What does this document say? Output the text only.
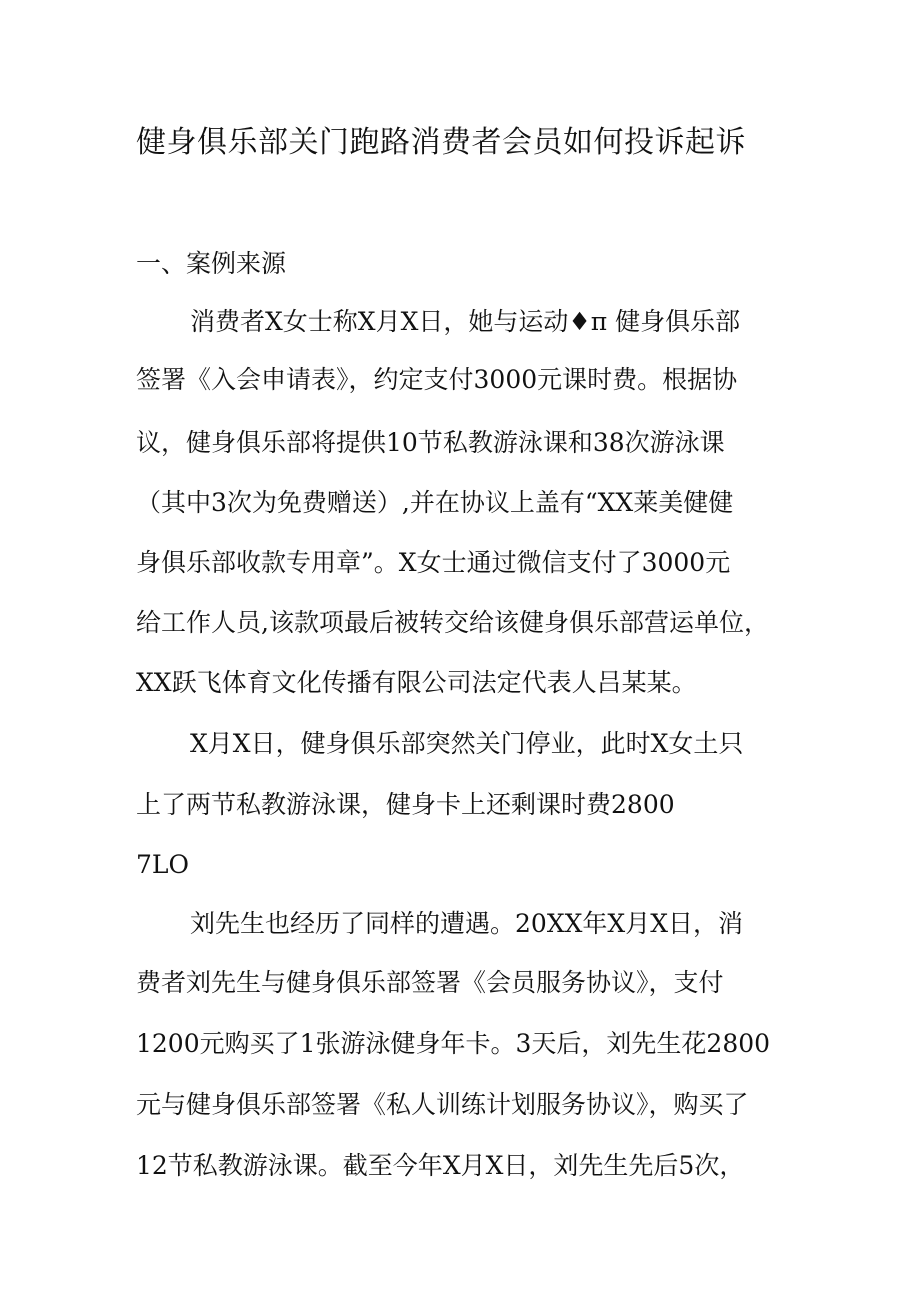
健身俱乐部关门跑路消费者会员如何投诉起诉
一、案例来源
消费者X女士称X月X日，她与运动♦π 健身俱乐部
签署《入会申请表》，约定支付3000元课时费。根据协
议，健身俱乐部将提供10节私教游泳课和38次游泳课
（其中3次为免费赠送）,并在协议上盖有“XX莱美健健
身俱乐部收款专用章”。X女士通过微信支付了3000元
给工作人员,该款项最后被转交给该健身俱乐部营运单位，
XX跃飞体育文化传播有限公司法定代表人吕某某。
X月X日，健身俱乐部突然关门停业，此时X女土只
上了两节私教游泳课，健身卡上还剩课时费2800
7LO
刘先生也经历了同样的遭遇。20XX年X月X日，消
费者刘先生与健身俱乐部签署《会员服务协议》，支付
1200元购买了1张游泳健身年卡。3天后，刘先生花2800
元与健身俱乐部签署《私人训练计划服务协议》，购买了
12节私教游泳课。截至今年X月X日，刘先生先后5次，
